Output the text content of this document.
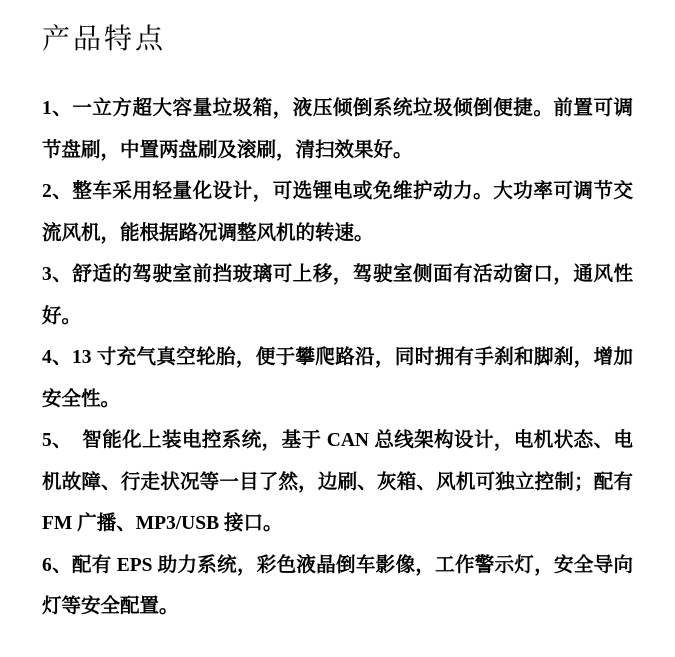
产品特点
1、一立方超大容量垃圾箱，液压倾倒系统垃圾倾倒便捷。前置可调
节盘刷，中置两盘刷及滚刷，清扫效果好。
2、整车采用轻量化设计，可选锂电或免维护动力。大功率可调节交
流风机，能根据路况调整风机的转速。
3、舒适的驾驶室前挡玻璃可上移，驾驶室侧面有活动窗口，通风性
好。
4、13 寸充气真空轮胎，便于攀爬路沿，同时拥有手刹和脚刹，增加
安全性。
5、　智能化上装电控系统，基于 CAN 总线架构设计，电机状态、电
机故障、行走状况等一目了然，边刷、灰箱、风机可独立控制；配有
FM 广播、MP3/USB 接口。
6、配有 EPS 助力系统，彩色液晶倒车影像，工作警示灯，安全导向
灯等安全配置。
